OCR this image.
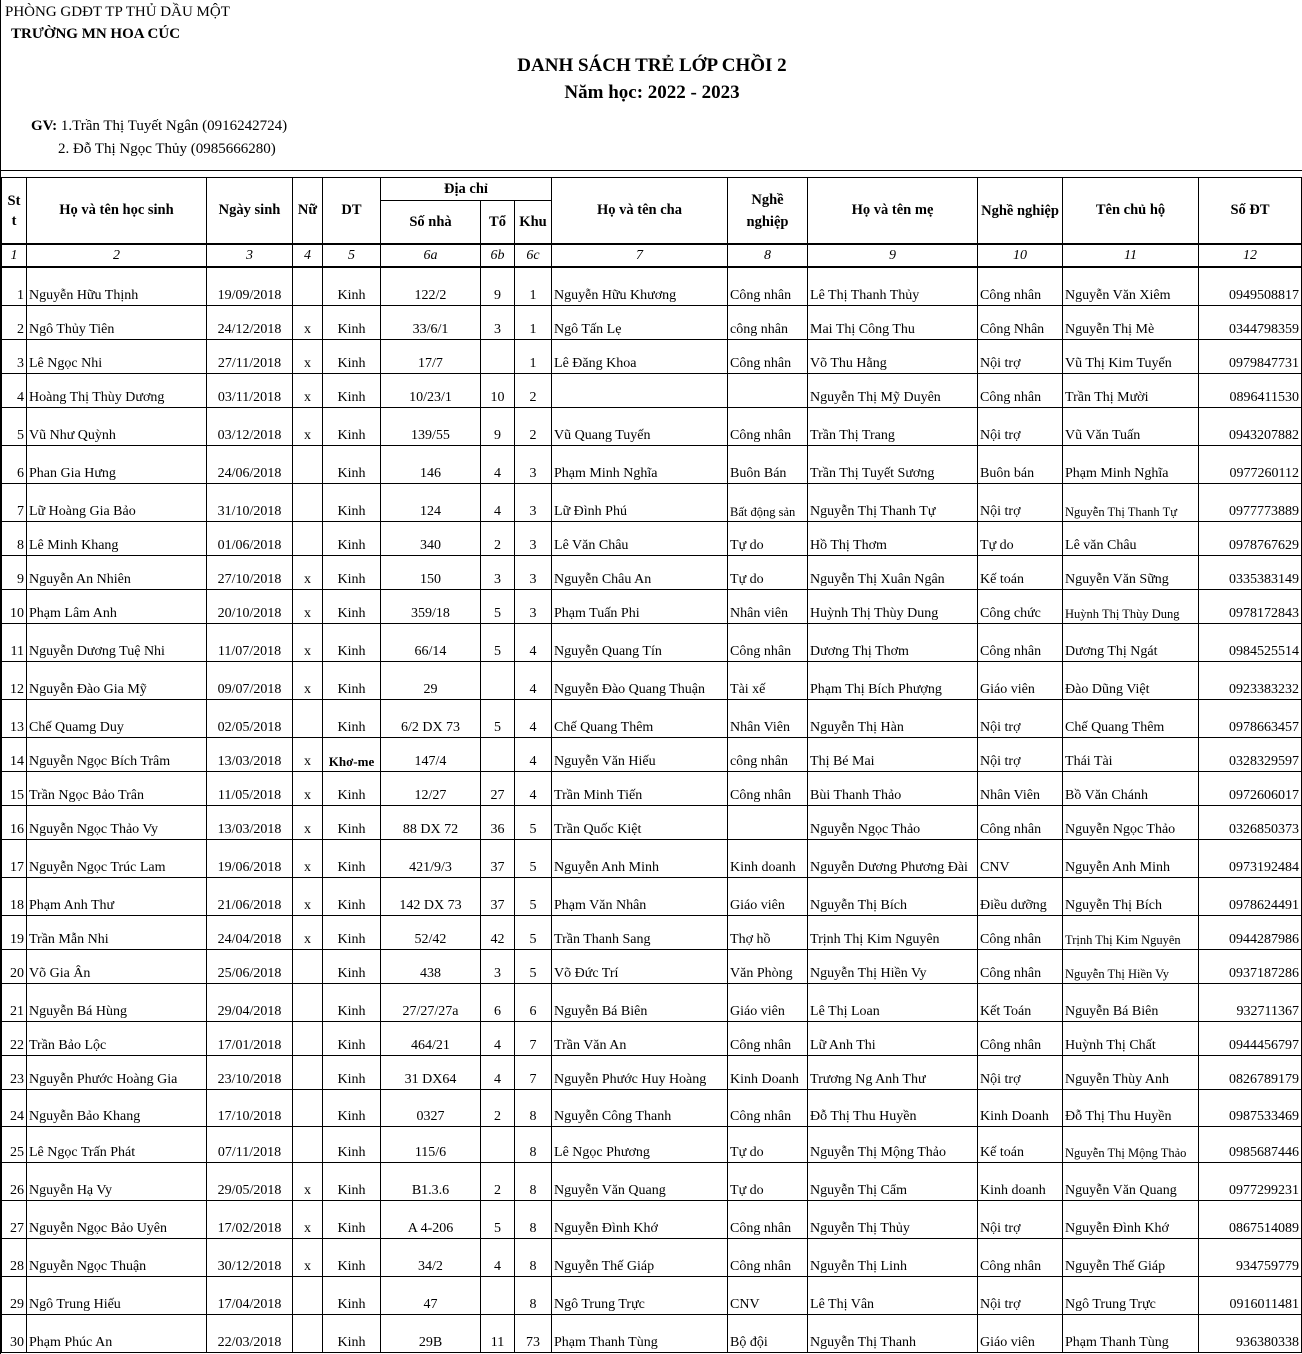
PHÒNG GDĐT TP THỦ DẦU MỘT
TRƯỜNG MN HOA CÚC
DANH SÁCH TRẺ LỚP CHỒI 2
Năm học: 2022 - 2023
GV: 1.Trần Thị Tuyết Ngân (0916242724)
2. Đỗ Thị Ngọc Thủy (0985666280)
St t	Họ và tên học sinh	Ngày sinh	Nữ	DT	Địa chỉ			Họ và tên cha	Nghề nghiệp	Họ và tên mẹ	Nghề nghiệp	Tên chủ hộ	Số ĐT
					Số nhà	Tổ	Khu						
1	2	3	4	5	6a	6b	6c	7	8	9	10	11	12
1	Nguyễn Hữu Thịnh	19/09/2018		Kinh	122/2	9	1	Nguyễn Hữu Khương	Công nhân	Lê Thị Thanh Thủy	Công nhân	Nguyễn Văn Xiêm	0949508817
2	Ngô Thủy Tiên	24/12/2018	x	Kinh	33/6/1	3	1	Ngô Tấn Lẹ	công nhân	Mai Thị Công Thu	Công Nhân	Nguyễn Thị Mè	0344798359
3	Lê Ngọc Nhi	27/11/2018	x	Kinh	17/7		1	Lê Đăng Khoa	Công nhân	Võ Thu Hằng	Nội trợ	Vũ Thị Kim Tuyến	0979847731
4	Hoàng Thị Thùy Dương	03/11/2018	x	Kinh	10/23/1	10	2			Nguyễn Thị Mỹ Duyên	Công nhân	Trần Thị Mười	0896411530
5	Vũ Như Quỳnh	03/12/2018	x	Kinh	139/55	9	2	Vũ Quang Tuyến	Công nhân	Trần Thị Trang	Nội trợ	Vũ Văn Tuấn	0943207882
6	Phan Gia Hưng	24/06/2018		Kinh	146	4	3	Phạm Minh Nghĩa	Buôn Bán	Trần Thị Tuyết Sương	Buôn bán	Phạm Minh Nghĩa	0977260112
7	Lữ Hoàng Gia Bảo	31/10/2018		Kinh	124	4	3	Lữ Đình Phú	Bất động sản	Nguyễn Thị Thanh Tự	Nội trợ	Nguyễn Thị Thanh Tự	0977773889
8	Lê Minh Khang	01/06/2018		Kinh	340	2	3	Lê Văn Châu	Tự do	Hồ Thị Thơm	Tự do	Lê văn Châu	0978767629
9	Nguyễn An Nhiên	27/10/2018	x	Kinh	150	3	3	Nguyễn Châu An	Tự do	Nguyễn Thị Xuân Ngân	Kế toán	Nguyễn Văn Sững	0335383149
10	Phạm Lâm Anh	20/10/2018	x	Kinh	359/18	5	3	Phạm Tuấn Phi	Nhân viên	Huỳnh Thị Thùy Dung	Công chức	Huỳnh Thị Thùy Dung	0978172843
11	Nguyễn Dương Tuệ Nhi	11/07/2018	x	Kinh	66/14	5	4	Nguyễn Quang Tín	Công nhân	Dương Thị Thơm	Công nhân	Dương Thị Ngát	0984525514
12	Nguyễn Đào Gia Mỹ	09/07/2018	x	Kinh	29		4	Nguyễn Đào Quang Thuận	Tài xế	Phạm Thị Bích Phượng	Giáo viên	Đào Dũng Việt	0923383232
13	Chế Quamg Duy	02/05/2018		Kinh	6/2 DX 73	5	4	Chế Quang Thêm	Nhân Viên	Nguyễn Thị Hàn	Nội trợ	Chế Quang Thêm	0978663457
14	Nguyễn Ngọc Bích Trâm	13/03/2018	x	Khơ-me	147/4		4	Nguyễn Văn Hiếu	công nhân	Thị Bé Mai	Nội trợ	Thái Tài	0328329597
15	Trần Ngọc Bảo Trân	11/05/2018	x	Kinh	12/27	27	4	Trần Minh Tiến	Công nhân	Bùi Thanh Thảo	Nhân Viên	Bồ Văn Chánh	0972606017
16	Nguyễn Ngọc Thảo Vy	13/03/2018	x	Kinh	88 DX 72	36	5	Trần Quốc Kiệt		Nguyễn Ngọc Thảo	Công nhân	Nguyễn Ngọc Thảo	0326850373
17	Nguyễn Ngọc Trúc Lam	19/06/2018	x	Kinh	421/9/3	37	5	Nguyễn Anh Minh	Kinh doanh	Nguyễn Dương Phương Đài	CNV	Nguyễn Anh Minh	0973192484
18	Phạm Anh Thư	21/06/2018	x	Kinh	142 DX 73	37	5	Phạm Văn Nhân	Giáo viên	Nguyễn Thị Bích	Điều dưỡng	Nguyễn Thị Bích	0978624491
19	Trần Mẫn Nhi	24/04/2018	x	Kinh	52/42	42	5	Trần Thanh Sang	Thợ hồ	Trịnh Thị Kim Nguyên	Công nhân	Trịnh Thị Kim Nguyên	0944287986
20	Võ Gia Ân	25/06/2018		Kinh	438	3	5	Võ Đức Trí	Văn Phòng	Nguyễn Thị Hiền Vy	Công nhân	Nguyễn Thị Hiền Vy	0937187286
21	Nguyễn Bá Hùng	29/04/2018		Kinh	27/27/27a	6	6	Nguyễn Bá Biên	Giáo viên	Lê Thị Loan	Kết Toán	Nguyễn Bá Biên	932711367
22	Trần Bảo Lộc	17/01/2018		Kinh	464/21	4	7	Trần Văn An	Công nhân	Lữ Anh Thi	Công nhân	Huỳnh Thị Chất	0944456797
23	Nguyễn Phước Hoàng Gia	23/10/2018		Kinh	31 DX64	4	7	Nguyễn Phước Huy Hoàng	Kinh Doanh	Trương Ng Anh Thư	Nội trợ	Nguyễn Thùy Anh	0826789179
24	Nguyễn Bảo Khang	17/10/2018		Kinh	0327	2	8	Nguyễn Công Thanh	Công nhân	Đỗ Thị Thu Huyền	Kinh Doanh	Đỗ Thị Thu Huyền	0987533469
25	Lê Ngọc Trấn Phát	07/11/2018		Kinh	115/6		8	Lê Ngọc Phương	Tự do	Nguyễn Thị Mộng Thảo	Kế toán	Nguyễn Thị Mộng Thảo	0985687446
26	Nguyễn Hạ Vy	29/05/2018	x	Kinh	B1.3.6	2	8	Nguyễn Văn Quang	Tự do	Nguyễn Thị Cẩm	Kinh doanh	Nguyễn Văn Quang	0977299231
27	Nguyễn Ngọc Bảo Uyên	17/02/2018	x	Kinh	A 4-206	5	8	Nguyễn Đình Khớ	Công nhân	Nguyễn Thị Thủy	Nội trợ	Nguyễn Đình Khớ	0867514089
28	Nguyễn Ngọc Thuận	30/12/2018	x	Kinh	34/2	4	8	Nguyễn Thế Giáp	Công nhân	Nguyễn Thị Linh	Công nhân	Nguyễn Thế Giáp	934759779
29	Ngô Trung Hiếu	17/04/2018		Kinh	47		8	Ngô Trung Trực	CNV	Lê Thị Vân	Nội trợ	Ngô Trung Trực	0916011481
30	Phạm Phúc An	22/03/2018		Kinh	29B	11	73	Phạm Thanh Tùng	Bộ đội	Nguyễn Thị Thanh	Giáo viên	Phạm Thanh Tùng	936380338
